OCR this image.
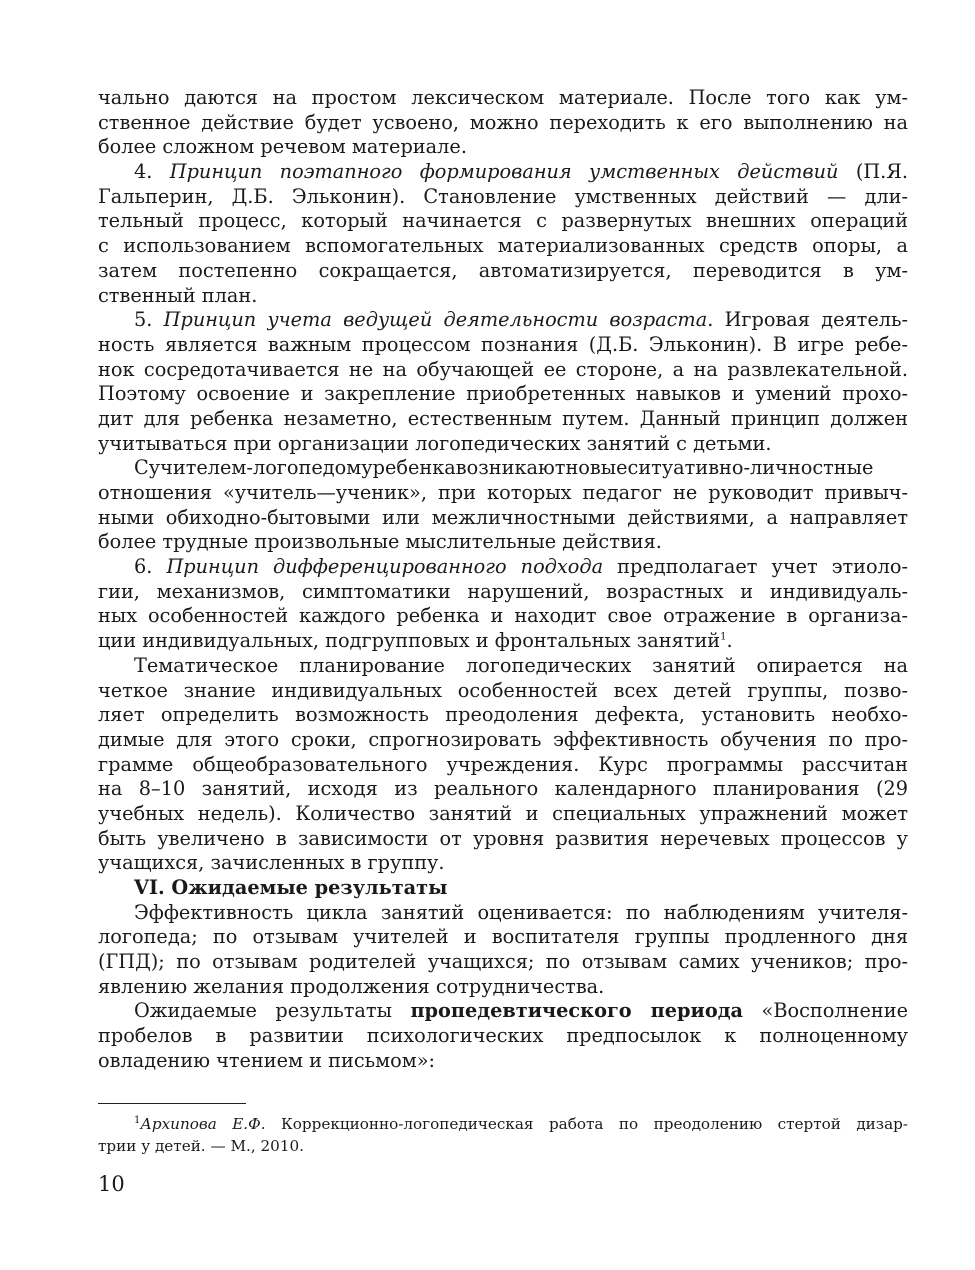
чально даются на простом лексическом материале. После того как ум-
ственное действие будет усвоено, можно переходить к его выполнению на
более сложном речевом материале.
4. Принцип поэтапного формирования умственных действий (П.Я.
Гальперин, Д.Б. Эльконин). Становление умственных действий — дли-
тельный процесс, который начинается с развернутых внешних операций
с использованием вспомогательных материализованных средств опоры, а
затем постепенно сокращается, автоматизируется, переводится в ум-
ственный план.
5. Принцип учета ведущей деятельности возраста. Игровая деятель-
ность является важным процессом познания (Д.Б. Эльконин). В игре ребе-
нок сосредотачивается не на обучающей ее стороне, а на развлекательной.
Поэтому освоение и закрепление приобретенных навыков и умений прохо-
дит для ребенка незаметно, естественным путем. Данный принцип должен
учитываться при организации логопедических занятий с детьми.
Сучителем-логопедомуребенкавозникаютновыеситуативно-личностные
отношения «учитель—ученик», при которых педагог не руководит привыч-
ными обиходно-бытовыми или межличностными действиями, а направляет
более трудные произвольные мыслительные действия.
6. Принцип дифференцированного подхода предполагает учет этиоло-
гии, механизмов, симптоматики нарушений, возрастных и индивидуаль-
ных особенностей каждого ребенка и находит свое отражение в организа-
ции индивидуальных, подгрупповых и фронтальных занятий$^1$.
Тематическое планирование логопедических занятий опирается на
четкое знание индивидуальных особенностей всех детей группы, позво-
ляет определить возможность преодоления дефекта, установить необхо-
димые для этого сроки, спрогнозировать эффективность обучения по про-
грамме общеобразовательного учреждения. Курс программы рассчитан
на 8–10 занятий, исходя из реального календарного планирования (29
учебных недель). Количество занятий и специальных упражнений может
быть увеличено в зависимости от уровня развития неречевых процессов у
учащихся, зачисленных в группу.
VI. Ожидаемые результаты
Эффективность цикла занятий оценивается: по наблюдениям учителя-
логопеда; по отзывам учителей и воспитателя группы продленного дня
(ГПД); по отзывам родителей учащихся; по отзывам самих учеников; про-
явлению желания продолжения сотрудничества.
Ожидаемые результаты пропедевтического периода «Восполнение
пробелов в развитии психологических предпосылок к полноценному
овладению чтением и письмом»:
$^1$Архипова Е.Ф. Коррекционно-логопедическая работа по преодолению стертой дизар-
трии у детей. — М., 2010.
10
